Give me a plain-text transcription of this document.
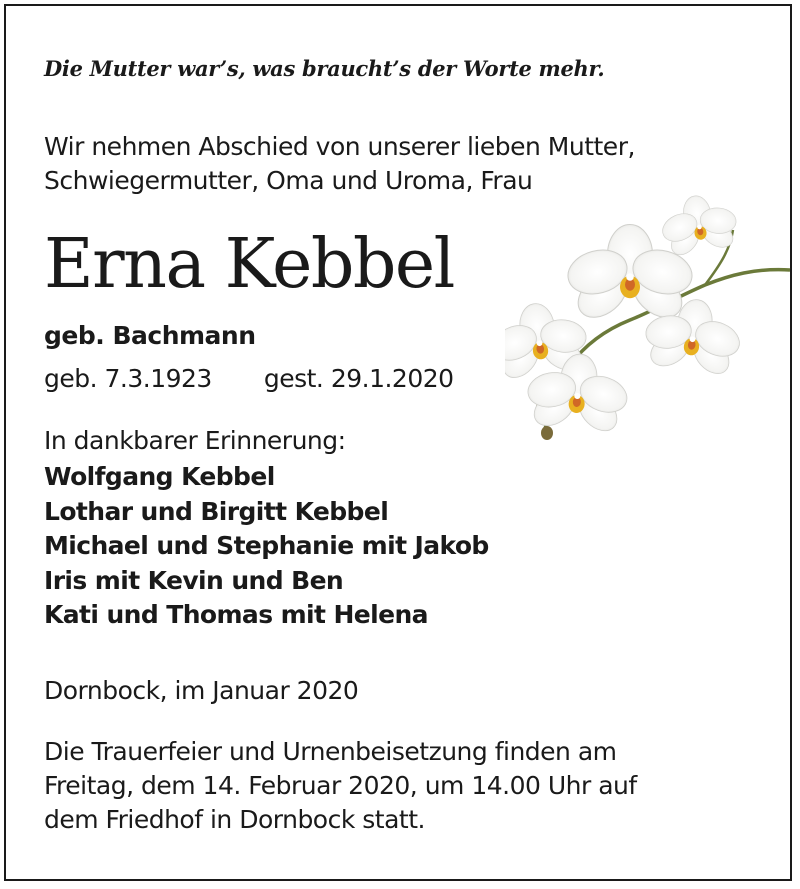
Die Mutter war’s, was braucht’s der Worte mehr.
Wir nehmen Abschied von unserer lieben Mutter,
Schwiegermutter, Oma und Uroma, Frau
Erna Kebbel
geb. Bachmann
geb. 7.3.1923 gest. 29.1.2020
In dankbarer Erinnerung:
Wolfgang Kebbel
Lothar und Birgitt Kebbel
Michael und Stephanie mit Jakob
Iris mit Kevin und Ben
Kati und Thomas mit Helena
Dornbock, im Januar 2020
Die Trauerfeier und Urnenbeisetzung finden am
Freitag, dem 14. Februar 2020, um 14.00 Uhr auf
dem Friedhof in Dornbock statt.
